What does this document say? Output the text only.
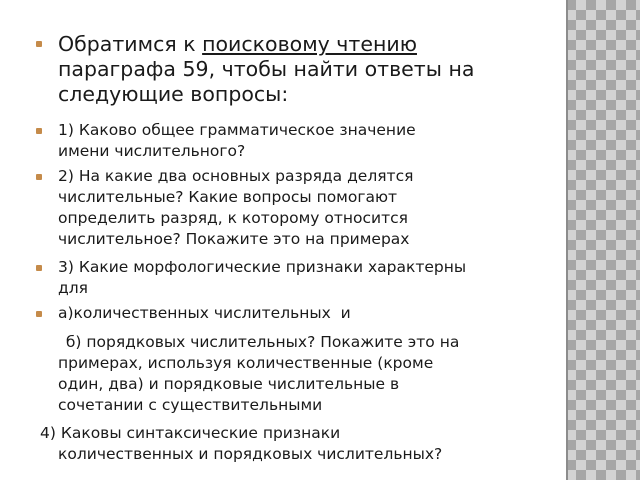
Обратимся к поисковому чтению
параграфа 59, чтобы найти ответы на
следующие вопросы:
1) Каково общее грамматическое значение
имени числительного?
2) На какие два основных разряда делятся
числительные? Какие вопросы помогают
определить разряд, к которому относится
числительное? Покажите это на примерах
3) Какие морфологические признаки характерны
для
а)количественных числительных  и
б) порядковых числительных? Покажите это на
примерах, используя количественные (кроме
один, два) и порядковые числительные в
сочетании с существительными
4) Каковы синтаксические признаки
количественных и порядковых числительных?
